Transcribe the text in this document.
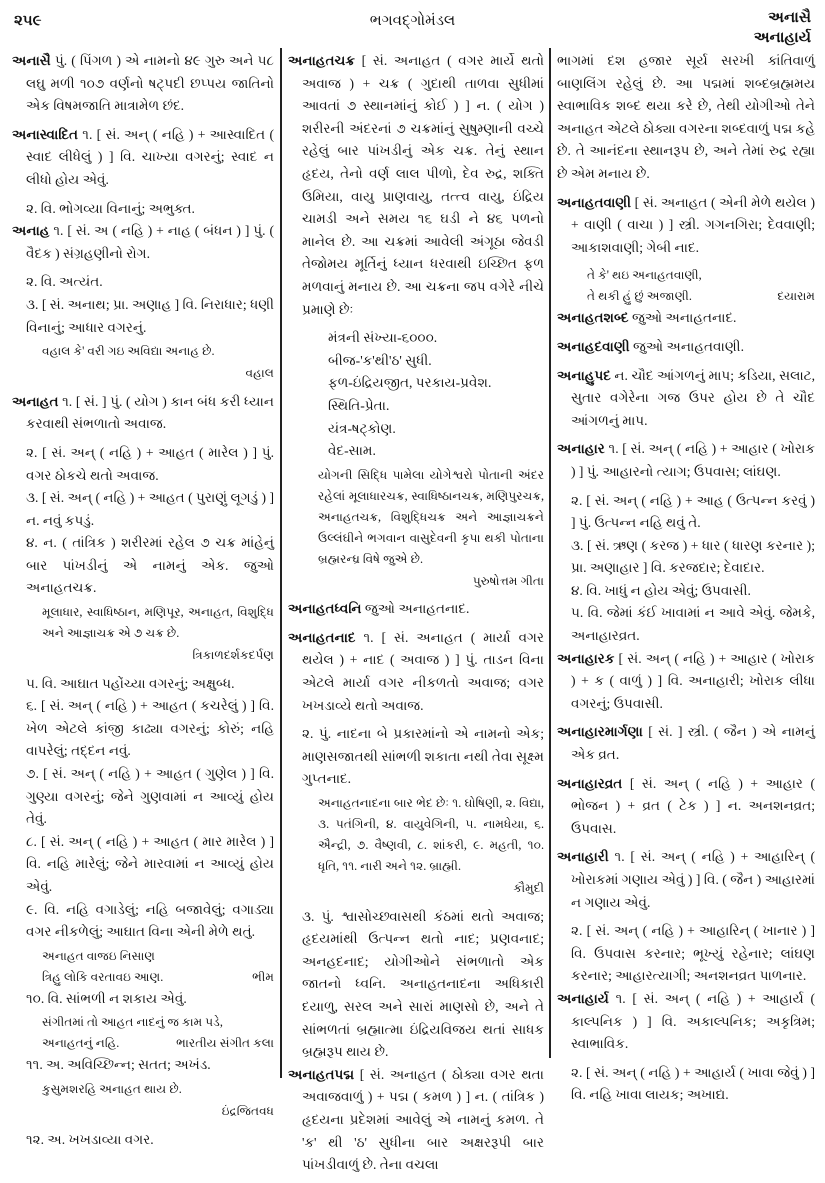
૨૫૯	ભગવદ્ગોમંડલ	અનાસૈ
અનાહાર્ય

અનાસૈ પું. ( પિંગળ ) એ નામનો ૪૯ ગુરુ અને ૫૮ લઘુ મળી ૧૦૭ વર્ણનો ષટ્પદી છપ્પય જાતિનો એક વિષમજાતિ માત્રામેળ છંદ.

અનાસ્વાદિત ૧. [ સં. અન્ ( નહિ ) + આસ્વાદિત ( સ્વાદ લીધેલું ) ] વિ. ચાખ્યા વગરનું; સ્વાદ ન લીધો હોય એવું.

૨. વિ. ભોગવ્યા વિનાનું; અભુક્ત.

અનાહ ૧. [ સં. અ ( નહિ ) + નાહ ( બંધન ) ] પું. ( વૈદક ) સંગ્રહણીનો રોગ.

૨. વિ. અત્યંત.

૩. [ સં. અનાથ; પ્રા. અણાહ ] વિ. નિરાધાર; ધણી વિનાનું; આધાર વગરનું.

વહાલ કે' વરી ગઇ અવિદ્યા અનાહ છે.
વહાલ

અનાહત ૧. [ સં. ] પું. ( યોગ ) કાન બંધ કરી ધ્યાન કરવાથી સંભળાતો અવાજ.

૨. [ સં. અન્ ( નહિ ) + આહત ( મારેલ ) ] પું. વગર ઠોકચે થતો અવાજ.

૩. [ સં. અન્ ( નહિ ) + આહત ( પુરાણું લૂગડું ) ] ન. નવું કપડું.

૪. ન. ( તાંત્રિક ) શરીરમાં રહેલ ૭ ચક્ર માંહેનું બાર પાંખડીનું એ નામનું એક. જુઓ અનાહતચક્ર.

મૂલાધાર, સ્વાધિષ્ઠાન, મણિપૂર, અનાહત, વિશુદ્ધિ અને આજ્ઞાચક્ર એ ૭ ચક્ર છે.
ત્રિકાળદર્શકદર્પણ

૫. વિ. આઘાત પહોંચ્યા વગરનું; અક્ષુબ્ધ.

૬. [ સં. અન્ ( નહિ ) + આહત ( કચરેલું ) ] વિ. ખેળ એટલે કાંજી કાઢ્યા વગરનું; કોરું; નહિ વાપરેલું; તદ્દન નવું.

૭. [ સં. અન્ ( નહિ ) + આહત ( ગુણેલ ) ] વિ. ગુણ્યા વગરનું; જેને ગુણવામાં ન આવ્યું હોય તેવું.

૮. [ સં. અન્ ( નહિ ) + આહત ( માર મારેલ ) ] વિ. નહિ મારેલું; જેને મારવામાં ન આવ્યું હોય એવું.

૯. વિ. નહિ વગાડેલું; નહિ બજાવેલું; વગાડ્યા વગર નીકળેલું; આઘાત વિના એની મેળે થતું.

અનાહત વાજઇ નિસાણ
ત્રિહુ લોકિ વરતાવઇ આણ.	ભીમ

૧૦. વિ. સાંભળી ન શકાય એવું.

સંગીતમાં તો આહત નાદનું જ કામ પડે,
અનાહતનું નહિ.	ભારતીય સંગીત કલા

૧૧. અ. અવિચ્છિન્ન; સતત; અખંડ.

કુસુમશરહિ અનાહત થાય છે.
ઇંદ્રજિતવધ

૧૨. અ. ખખડાવ્યા વગર.

અનાહતચક્ર [ સં. અનાહત ( વગર માર્યે થતો અવાજ ) + ચક્ર ( ગુદાથી તાળવા સુધીમાં આવતાં ૭ સ્થાનમાંનું કોઈ ) ] ન. ( યોગ ) શરીરની અંદરનાં ૭ ચક્રમાંનું સુષુમ્ણાની વચ્ચે રહેલું બાર પાંખડીનું એક ચક્ર. તેનું સ્થાન હૃદય, તેનો વર્ણ લાલ પીળો, દેવ રુદ્ર, શક્તિ ઉમિયા, વાયુ પ્રાણવાયુ, તત્ત્વ વાયુ, ઇંદ્રિય ચામડી અને સમય ૧૬ ઘડી ને ૪૬ પળનો માનેલ છે. આ ચક્રમાં આવેલી અંગૂઠા જેવડી તેજોમય મૂર્તિનું ધ્યાન ધરવાથી ઇચ્છિત ફળ મળવાનું મનાય છે. આ ચક્રના જપ વગેરે નીચે પ્રમાણે છેઃ

મંત્રની સંખ્યા-૬૦૦૦.
બીજ-'ક'થી'ઠ' સુધી.
ફળ-ઇંદ્રિયજીત, પરકાય-પ્રવેશ.
સ્થિતિ-પ્રેતા.
યંત્ર-ષટ્કોણ.
વેદ-સામ.
યોગની સિદ્ધિ પામેલા યોગેશ્વરો પોતાની અંદર રહેલાં મૂલાધારચક્ર, સ્વાધિષ્ઠાનચક્ર, મણિપુરચક્ર, અનાહતચક્ર, વિશુદ્ધિચક્ર અને આજ્ઞાચક્રને ઉલ્લંઘીને ભગવાન વાસુદેવની કૃપા થકી પોતાના બ્રહ્મરન્ધ્ર વિષે જુએ છે.
પુરુષોત્તમ ગીતા

અનાહતધ્વનિ જુઓ અનાહતનાદ.

અનાહતનાદ ૧. [ સં. અનાહત ( માર્યા વગર થયેલ ) + નાદ ( અવાજ ) ] પું. તાડન વિના એટલે માર્યા વગર નીકળતો અવાજ; વગર ખખડાવ્યે થતો અવાજ.

૨. પું. નાદના બે પ્રકારમાંનો એ નામનો એક; માણસજાતથી સાંભળી શકાતા નથી તેવા સૂક્ષ્મ ગુપ્તનાદ.

અનાહતનાદના બાર ભેદ છેઃ ૧. ઘોષિણી, ૨. વિદ્યા, ૩. પતંગિની, ૪. વાયુવેગિની, ૫. નામધેયા, ૬. ઐન્દ્રી, ૭. વૈષ્ણવી, ૮. શાંકરી, ૯. મહતી, ૧૦. ધૃતિ, ૧૧. નારી અને ૧૨. બ્રાહ્મી.
કૌમુદી

૩. પું. શ્વાસોચ્છ્વાસથી કંઠમાં થતો અવાજ; હૃદયમાંથી ઉત્પન્ન થતો નાદ; પ્રણવનાદ; અનહદનાદ; યોગીઓને સંભળાતો એક જાતનો ધ્વનિ. અનાહતનાદના અધિકારી દયાળુ, સરલ અને સારાં માણસો છે, અને તે સાંભળતાં બ્રહ્માત્મા ઇંદ્રિયવિજય થતાં સાધક બ્રહ્મરૂપ થાય છે.

અનાહતપદ્મ [ સં. અનાહત ( ઠોક્યા વગર થતા અવાજવાળું ) + પદ્મ ( કમળ ) ] ન. ( તાંત્રિક ) હૃદયના પ્રદેશમાં આવેલું એ નામનું કમળ. તે 'ક' થી 'ઠ' સુધીના બાર અક્ષરરૂપી બાર પાંખડીવાળું છે. તેના વચલા

ભાગમાં દશ હજાર સૂર્ય સરખી કાંતિવાળું બાણલિંગ રહેલું છે. આ પદ્મમાં શબ્દબ્રહ્મમય સ્વાભાવિક શબ્દ થયા કરે છે, તેથી યોગીઓ તેને અનાહત એટલે ઠોક્યા વગરના શબ્દવાળું પદ્મ કહે છે. તે આનંદના સ્થાનરૂપ છે, અને તેમાં રુદ્ર રહ્યા છે એમ મનાય છે.

અનાહતવાણી [ સં. અનાહત ( એની મેળે થયેલ ) + વાણી ( વાચા ) ] સ્ત્રી. ગગનગિરા; દેવવાણી; આકાશવાણી; ગેબી નાદ.

તે કે' થઇ અનાહતવાણી,
તે થકી હું છું અજાણી.	દયારામ

અનાહતશબ્દ જુઓ અનાહતનાદ.

અનાહદવાણી જુઓ અનાહતવાણી.

અનાહુપદ ન. ચૌદ આંગળનું માપ; કડિયા, સલાટ, સુતાર વગેરેના ગજ ઉપર હોય છે તે ચૌદ આંગળનું માપ.

અનાહાર ૧. [ સં. અન્ ( નહિ ) + આહાર ( ખોરાક ) ] પું. આહારનો ત્યાગ; ઉપવાસ; લાંઘણ.

૨. [ સં. અન્ ( નહિ ) + આહ ( ઉત્પન્ન કરવું ) ] પું. ઉત્પન્ન નહિ થવું તે.

૩. [ સં. ઋણ ( કરજ ) + ધાર ( ધારણ કરનાર ); પ્રા. અણાહાર ] વિ. કરજદાર; દેવાદાર.

૪. વિ. ખાધું ન હોય એવું; ઉપવાસી.

૫. વિ. જેમાં કંઈ ખાવામાં ન આવે એવું. જેમકે, અનાહારવ્રત.

અનાહારક [ સં. અન્ ( નહિ ) + આહાર ( ખોરાક ) + ક ( વાળું ) ] વિ. અનાહારી; ખોરાક લીધા વગરનું; ઉપવાસી.

અનાહારમાર્ગણા [ સં. ] સ્ત્રી. ( જૈન ) એ નામનું એક વ્રત.

અનાહારવ્રત [ સં. અન્ ( નહિ ) + આહાર ( ભોજન ) + વ્રત ( ટેક ) ] ન. અનશનવ્રત; ઉપવાસ.

અનાહારી ૧. [ સં. અન્ ( નહિ ) + આહારિન્ ( ખોરાકમાં ગણાય એવું ) ] વિ. ( જૈન ) આહારમાં ન ગણાય એવું.

૨. [ સં. અન્ ( નહિ ) + આહારિન્ ( ખાનાર ) ] વિ. ઉપવાસ કરનાર; ભૂખ્યું રહેનાર; લાંઘણ કરનાર; આહારત્યાગી; અનશનવ્રત પાળનાર.

અનાહાર્ય ૧. [ સં. અન્ ( નહિ ) + આહાર્ય ( કાલ્પનિક ) ] વિ. અકાલ્પનિક; અકૃત્રિમ; સ્વાભાવિક.

૨. [ સં. અન્ ( નહિ ) + આહાર્ય ( ખાવા જેવું ) ] વિ. નહિ ખાવા લાયક; અખાદ્ય.
